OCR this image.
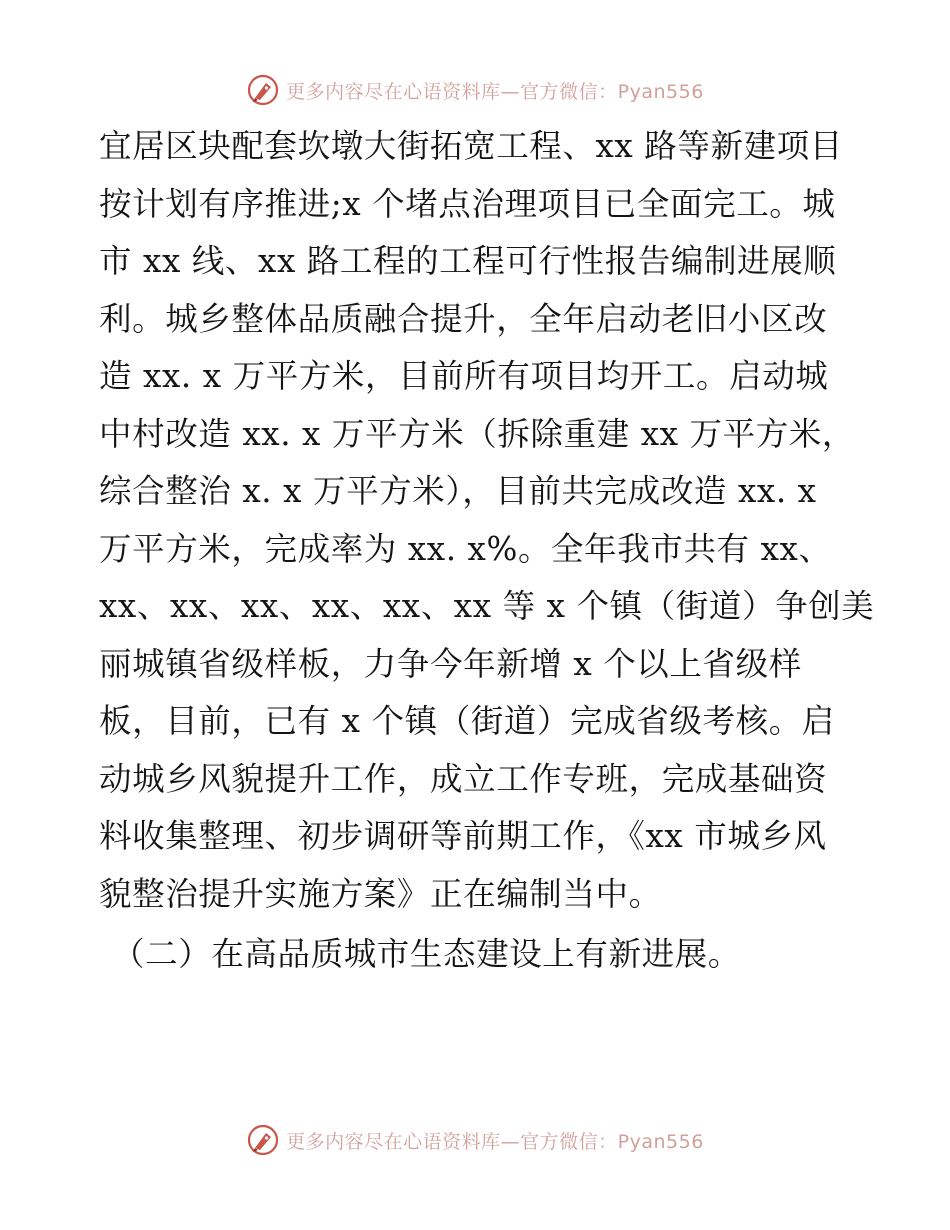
更多内容尽在心语资料库—官方微信：Pyan556
宜居区块配套坎墩大街拓宽工程、xx 路等新建项目
按计划有序推进;x 个堵点治理项目已全面完工。城
市 xx 线、xx 路工程的工程可行性报告编制进展顺
利。城乡整体品质融合提升，全年启动老旧小区改
造 xx. x 万平方米，目前所有项目均开工。启动城
中村改造 xx. x 万平方米（拆除重建 xx 万平方米，
综合整治 x. x 万平方米），目前共完成改造 xx. x
万平方米，完成率为 xx. x%。全年我市共有 xx、
xx、xx、xx、xx、xx、xx 等 x 个镇（街道）争创美
丽城镇省级样板，力争今年新增 x 个以上省级样
板，目前，已有 x 个镇（街道）完成省级考核。启
动城乡风貌提升工作，成立工作专班，完成基础资
料收集整理、初步调研等前期工作，《xx 市城乡风
貌整治提升实施方案》正在编制当中。
（二）在高品质城市生态建设上有新进展。
更多内容尽在心语资料库—官方微信：Pyan556
